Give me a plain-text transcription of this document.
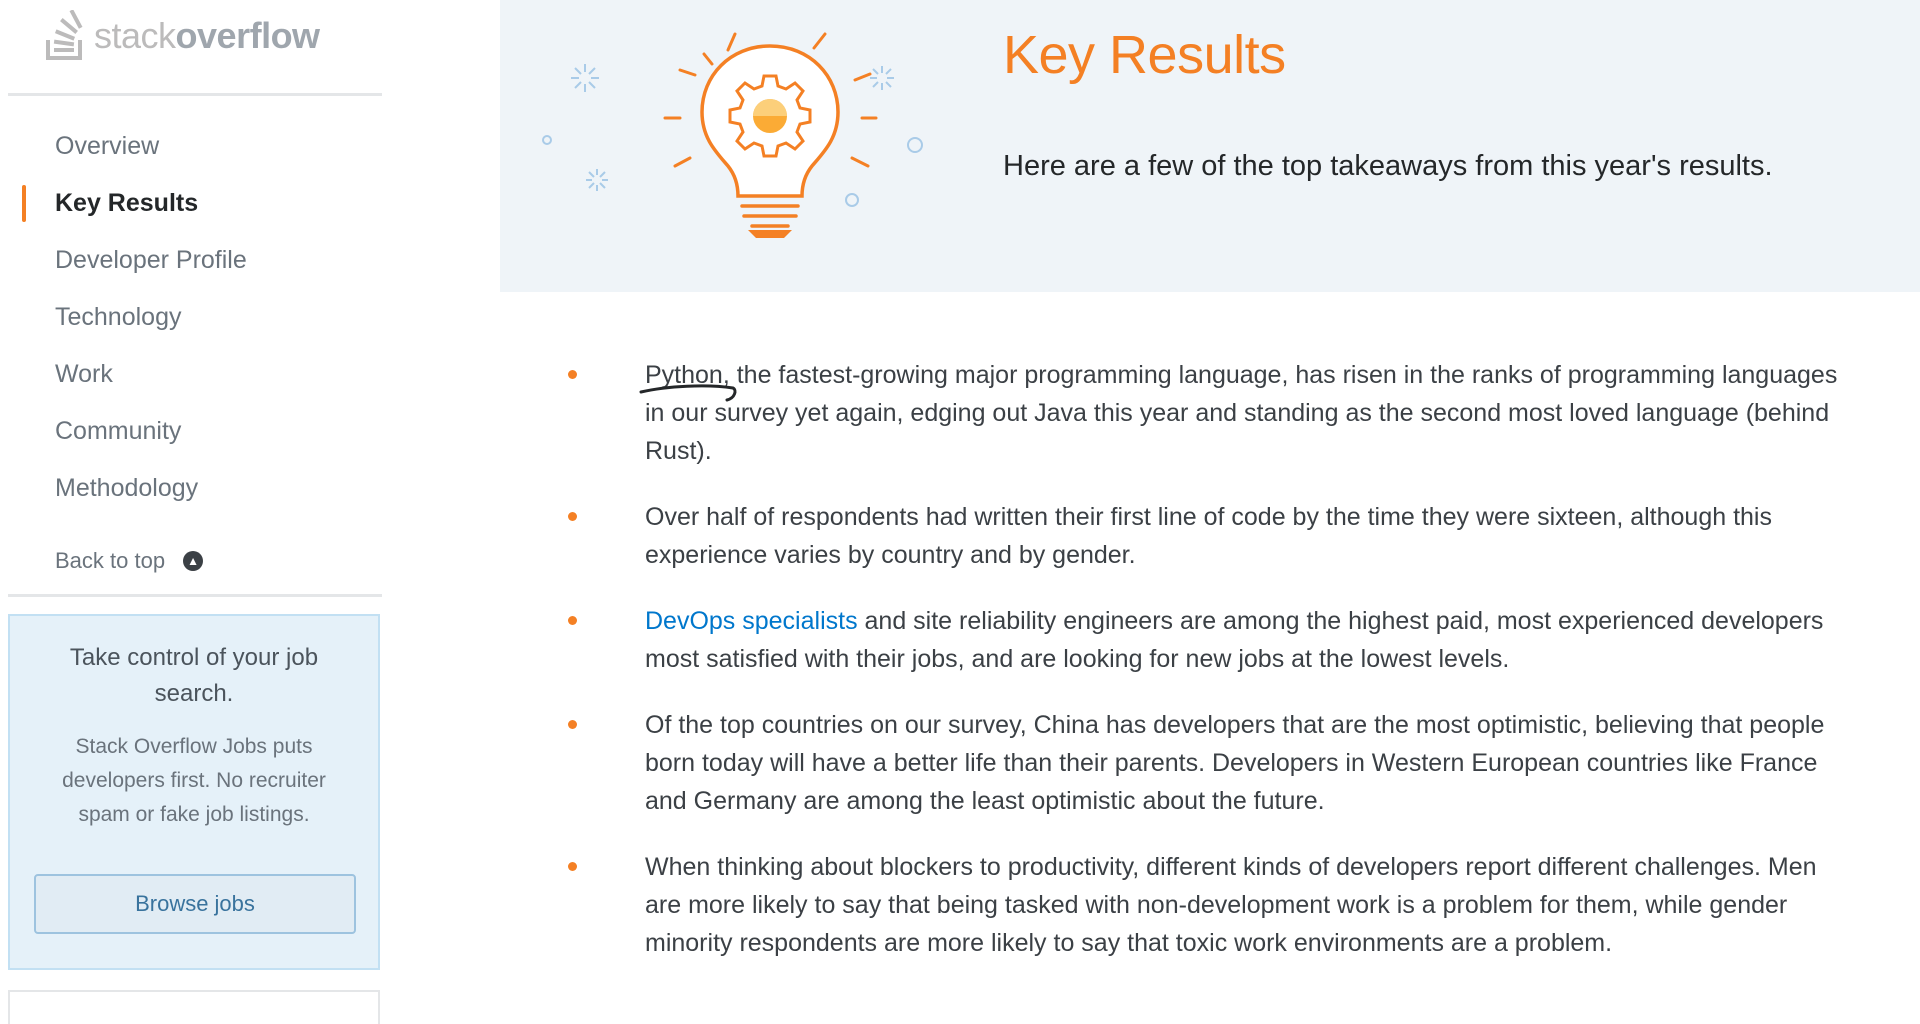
stackoverflow
Overview
Key Results
Developer Profile
Technology
Work
Community
Methodology
Back to top	▲

Take control of your job search.

Stack Overflow Jobs puts developers first. No recruiter spam or fake job listings.

Browse jobs
Key Results

Here are a few of the top takeaways from this year's results.

Python
, the fastest-growing major programming language, has risen in the ranks of programming languages in our survey yet again, edging out Java this year and standing as the second most loved language (behind Rust).
Over half of respondents had written their first line of code by the time they were sixteen, although this experience varies by country and by gender.
DevOps specialists and site reliability engineers are among the highest paid, most experienced developers most satisfied with their jobs, and are looking for new jobs at the lowest levels.
Of the top countries on our survey, China has developers that are the most optimistic, believing that people born today will have a better life than their parents. Developers in Western European countries like France and Germany are among the least optimistic about the future.
When thinking about blockers to productivity, different kinds of developers report different challenges. Men are more likely to say that being tasked with non-development work is a problem for them, while gender minority respondents are more likely to say that toxic work environments are a problem.
